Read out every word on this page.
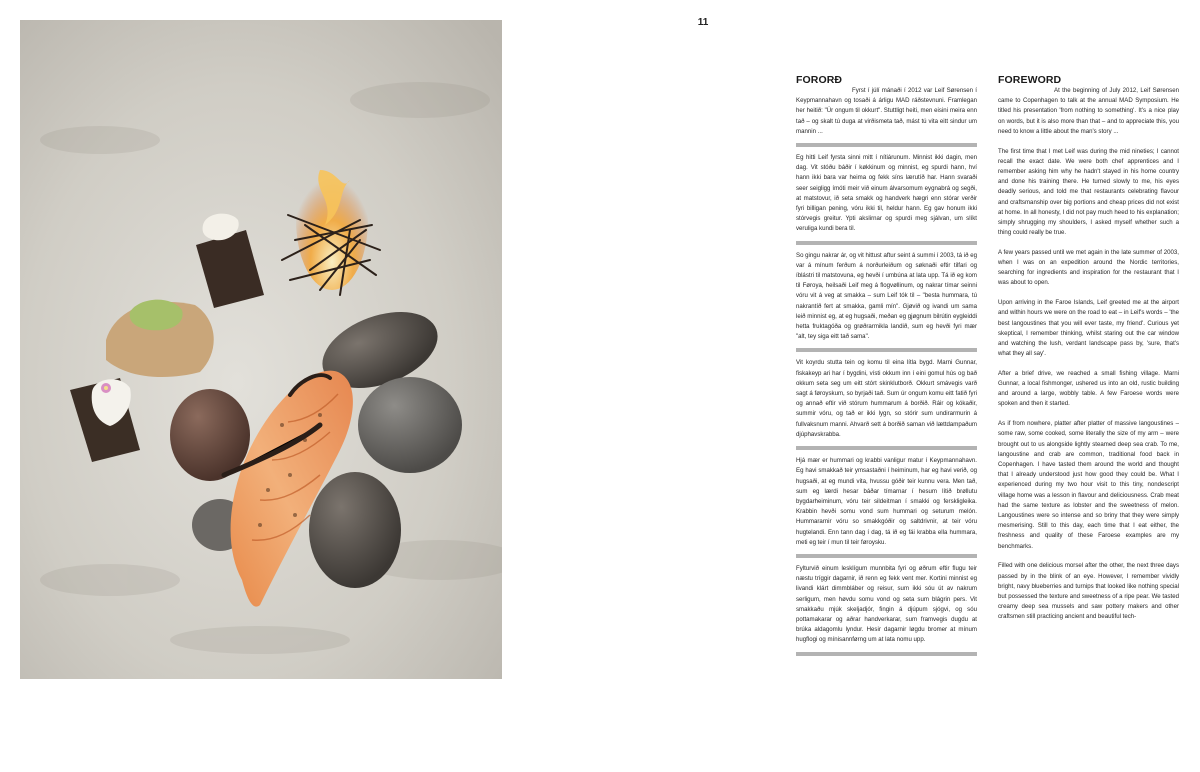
11
FORORÐ

Fyrst í júlí mánaði í 2012 var Leif Sørensen í Keypmannahavn og tosaði á árligu MAD ráðstevnuni. Framlegan her heitið: "Úr ongum til okkurt". Stuttligt heiti, men eisini meira enn tað – og skalt tú duga at virðismeta tað, mást tú vita eitt sindur um mannin ...

Eg hitti Leif fyrsta sinni mitt í nítiárunum. Minnist ikki dagin, men dag. Vit stóðu báðir í køkkinum og minnist, eg spurdi hann, hví hann ikki bara var heima og fekk síns lærutíð har. Hann svaraði seer seigligg ímóti meir við einum álvarsomum eygnabrá og segði, at matstovur, ið seta smakk og handverk hægri enn stórar verðir fyri billigan pening, vóru ikki til, heldur hann. Eg gav honum ikki stórvegis greitur. Ypti akslirnar og spurdi meg sjálvan, um slíkt veruliga kundi bera til.

So gingu nakrar ár, og vit hittust aftur seint á summi í 2003, tá ið eg var á mínum ferðum á norðurleiðum og søknaði eftir tilfari og íblástri til matstovuna, eg hevði í umbúna at lata upp. Tá ið eg kom til Føroya, heilsaði Leif meg á flogvøllinum, og nakrar tímar seinni vóru vit á veg at smakka – sum Leif tók til – "besta hummara, tú nakrantíð fert at smakka, gamli mín". Gjøvið og ivandi um sama leið minnist eg, at eg hugsaði, meðan eg gjøgnum bilrútin eygleiddi hetta fruktagóða og grøðrarmikla landið, sum eg hevði fyri mær "alt, tey siga eitt tað sama".

Vit koyrdu stutta tein og komu til eina lítla bygd. Marni Gunnar, fiskakeyp ari har í bygdini, vísti okkum inn í eini gomul hús og bað okkum seta seg um eitt stórt skinklutborð. Okkurt smávegis varð sagt á føroyskum, so byrjaði tað. Sum úr ongum komu eitt fatið fyri og annað eftir við stórum hummarum á borðið. Ráir og kókaðir, summir vóru, og tað er ikki lygn, so stórir sum undirarmurin á fullvaksnum manni. Ahvarð sett á borðið saman við lættdampaðum djúphavskrabba.

Hjá mær er hummari og krabbi vanligur matur í Keypmannahavn. Eg havi smakkað teir ymsastaðni í heiminum, har eg havi verið, og hugsaði, at eg mundi vita, hvussu góðir teir kunnu vera. Men tað, sum eg lærdi hesar báðar tímarnar í hesum lítið brøllutu bygdarheiminum, vóru teir sildeitman í smakki og ferskligleika. Krabbin hevði somu vond sum hummari og seturum melón. Hummararnir vóru so smakkgóðir og saltdrivnir, at teir vóru hugtelandi. Enn tann dag í dag, tá ið eg fái krabba ella hummara, meti eg teir í mun til teir føroysku.

Fylturvið einum lesklígum munnbita fyri og øðrum eftir flugu teir næstu tríggir dagarnir, ið renn eg fekk vent mer. Kortini minnist eg livandi klárt dimmbláber og reisur, sum ikki sóu út av nakrum serligum, men høvdu somu vond og seta sum blágrin pers. Vit smakkaðu mjúk skeljadjór, fingin á djúpum sjógvi, og sóu pottamakarar og aðrar handverkarar, sum framvegis dugdu at brúka aldagomlu lyndur. Hesir dagarnir løgdu bromer at mínum hugflogi og mínisannførng um at lata nomu upp.

FOREWORD

At the beginning of July 2012, Leif Sørensen came to Copenhagen to talk at the annual MAD Symposium. He titled his presentation 'from nothing to something'. It's a nice play on words, but it is also more than that – and to appreciate this, you need to know a little about the man's story ...

The first time that I met Leif was during the mid nineties; I cannot recall the exact date. We were both chef apprentices and I remember asking him why he hadn't stayed in his home country and done his training there. He turned slowly to me, his eyes deadly serious, and told me that restaurants celebrating flavour and craftsmanship over big portions and cheap prices did not exist at home. In all honesty, I did not pay much heed to his explanation; simply shrugging my shoulders, I asked myself whether such a thing could really be true.

A few years passed until we met again in the late summer of 2003, when I was on an expedition around the Nordic territories, searching for ingredients and inspiration for the restaurant that I was about to open.

Upon arriving in the Faroe Islands, Leif greeted me at the airport and within hours we were on the road to eat – in Leif's words – 'the best langoustines that you will ever taste, my friend'. Curious yet skeptical, I remember thinking, whilst staring out the car window and watching the lush, verdant landscape pass by, 'sure, that's what they all say'.

After a brief drive, we reached a small fishing village. Marni Gunnar, a local fishmonger, ushered us into an old, rustic building and around a large, wobbly table. A few Faroese words were spoken and then it started.

As if from nowhere, platter after platter of massive langoustines – some raw, some cooked, some literally the size of my arm – were brought out to us alongside lightly steamed deep sea crab. To me, langoustine and crab are common, traditional food back in Copenhagen. I have tasted them around the world and thought that I already understood just how good they could be. What I experienced during my two hour visit to this tiny, nondescript village home was a lesson in flavour and deliciousness. Crab meat had the same texture as lobster and the sweetness of melon. Langoustines were so intense and so briny that they were simply mesmerising. Still to this day, each time that I eat either, the freshness and quality of these Faroese examples are my benchmarks.

Filled with one delicious morsel after the other, the next three days passed by in the blink of an eye. However, I remember vividly bright, navy blueberries and turnips that looked like nothing special but possessed the texture and sweetness of a ripe pear. We tasted creamy deep sea mussels and saw pottery makers and other craftsmen still practicing ancient and beautiful tech-
